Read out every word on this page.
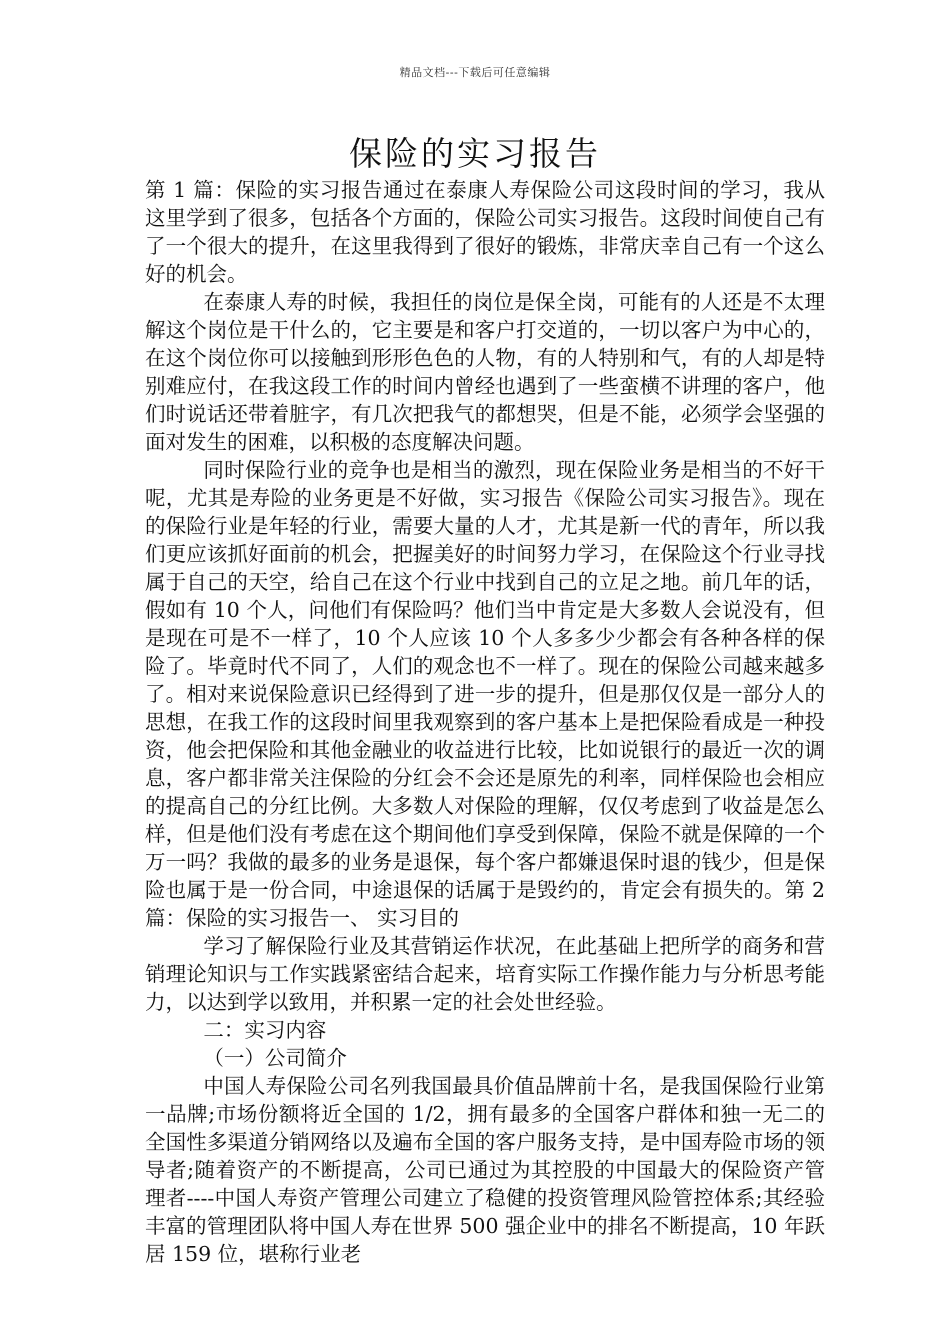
精品文档---下载后可任意编辑
保险的实习报告

第 1 篇：保险的实习报告通过在泰康人寿保险公司这段时间的学习，我从这里学到了很多，包括各个方面的，保险公司实习报告。这段时间使自己有了一个很大的提升，在这里我得到了很好的锻炼，非常庆幸自己有一个这么好的机会。

在泰康人寿的时候，我担任的岗位是保全岗，可能有的人还是不太理解这个岗位是干什么的，它主要是和客户打交道的，一切以客户为中心的，在这个岗位你可以接触到形形色色的人物，有的人特别和气，有的人却是特别难应付，在我这段工作的时间内曾经也遇到了一些蛮横不讲理的客户，他们时说话还带着脏字，有几次把我气的都想哭，但是不能，必须学会坚强的面对发生的困难，以积极的态度解决问题。

同时保险行业的竞争也是相当的激烈，现在保险业务是相当的不好干呢，尤其是寿险的业务更是不好做，实习报告《保险公司实习报告》。现在的保险行业是年轻的行业，需要大量的人才，尤其是新一代的青年，所以我们更应该抓好面前的机会，把握美好的时间努力学习，在保险这个行业寻找属于自己的天空，给自己在这个行业中找到自己的立足之地。前几年的话，假如有 10 个人，问他们有保险吗？他们当中肯定是大多数人会说没有，但是现在可是不一样了，10 个人应该 10 个人多多少少都会有各种各样的保险了。毕竟时代不同了，人们的观念也不一样了。现在的保险公司越来越多了。相对来说保险意识已经得到了进一步的提升，但是那仅仅是一部分人的思想，在我工作的这段时间里我观察到的客户基本上是把保险看成是一种投资，他会把保险和其他金融业的收益进行比较，比如说银行的最近一次的调息，客户都非常关注保险的分红会不会还是原先的利率，同样保险也会相应的提高自己的分红比例。大多数人对保险的理解，仅仅考虑到了收益是怎么样，但是他们没有考虑在这个期间他们享受到保障，保险不就是保障的一个万一吗？我做的最多的业务是退保，每个客户都嫌退保时退的钱少，但是保险也属于是一份合同，中途退保的话属于是毁约的，肯定会有损失的。第 2 篇：保险的实习报告一、 实习目的

学习了解保险行业及其营销运作状况，在此基础上把所学的商务和营销理论知识与工作实践紧密结合起来，培育实际工作操作能力与分析思考能力，以达到学以致用，并积累一定的社会处世经验。

二：实习内容

（一）公司简介

中国人寿保险公司名列我国最具价值品牌前十名，是我国保险行业第一品牌;市场份额将近全国的 1/2，拥有最多的全国客户群体和独一无二的全国性多渠道分销网络以及遍布全国的客户服务支持，是中国寿险市场的领导者;随着资产的不断提高，公司已通过为其控股的中国最大的保险资产管理者----中国人寿资产管理公司建立了稳健的投资管理风险管控体系;其经验丰富的管理团队将中国人寿在世界 500 强企业中的排名不断提高，10 年跃居 159 位，堪称行业老
